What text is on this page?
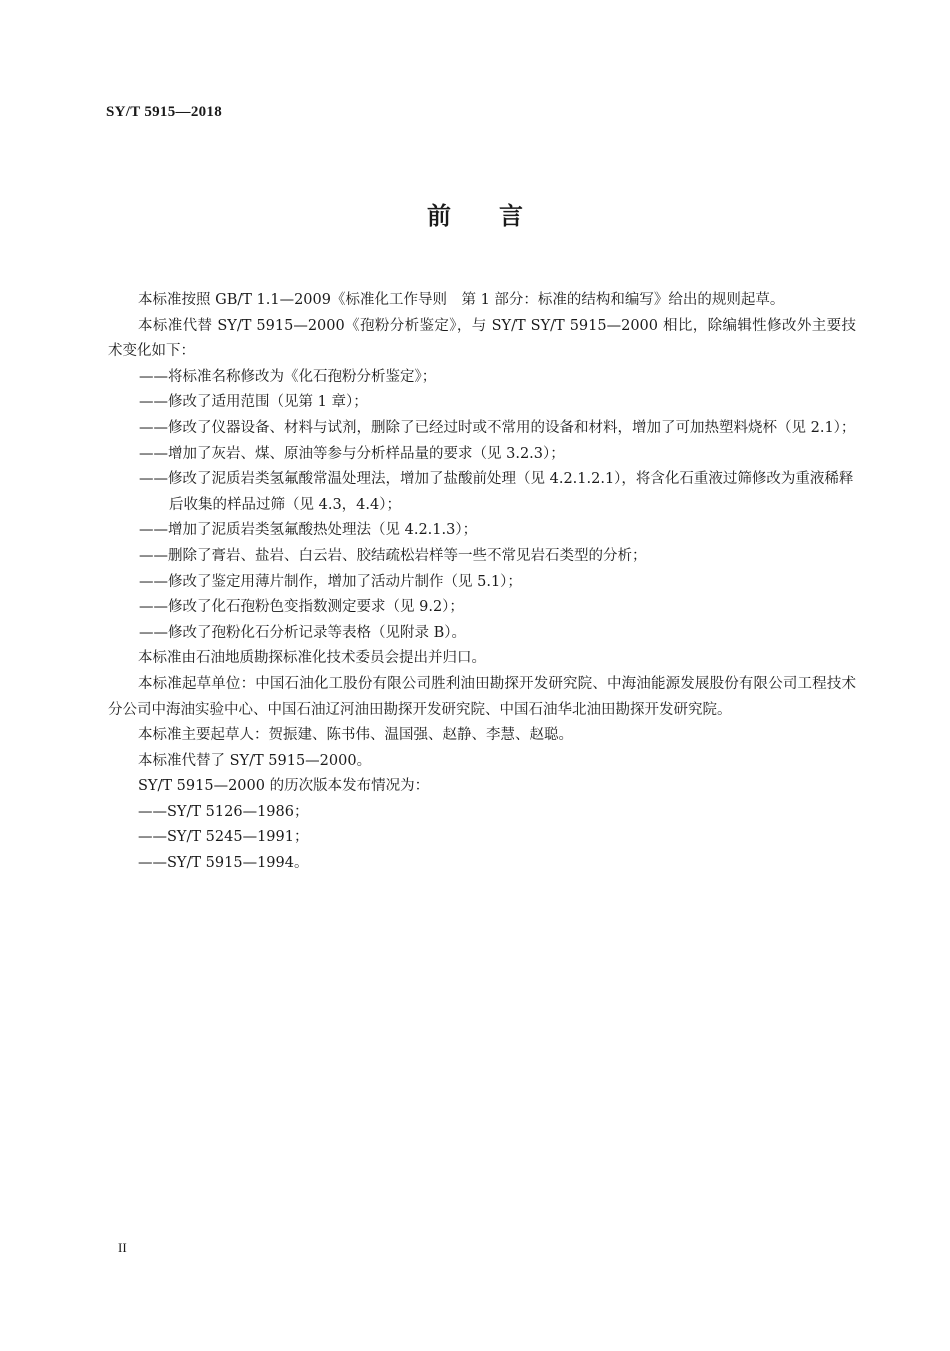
SY/T 5915—2018
前言

本标准按照 GB/T 1.1—2009《标准化工作导则　第 1 部分：标准的结构和编写》给出的规则起草。

本标准代替 SY/T 5915—2000《孢粉分析鉴定》，与 SY/T SY/T 5915—2000 相比，除编辑性修改外主要技术变化如下：

——将标准名称修改为《化石孢粉分析鉴定》；

——修改了适用范围（见第 1 章）；

——修改了仪器设备、材料与试剂，删除了已经过时或不常用的设备和材料，增加了可加热塑料烧杯（见 2.1）；

——增加了灰岩、煤、原油等参与分析样品量的要求（见 3.2.3）；

——修改了泥质岩类氢氟酸常温处理法，增加了盐酸前处理（见 4.2.1.2.1），将含化石重液过筛修改为重液稀释后收集的样品过筛（见 4.3，4.4）；

——增加了泥质岩类氢氟酸热处理法（见 4.2.1.3）；

——删除了膏岩、盐岩、白云岩、胶结疏松岩样等一些不常见岩石类型的分析；

——修改了鉴定用薄片制作，增加了活动片制作（见 5.1）；

——修改了化石孢粉色变指数测定要求（见 9.2）；

——修改了孢粉化石分析记录等表格（见附录 B）。

本标准由石油地质勘探标准化技术委员会提出并归口。

本标准起草单位：中国石油化工股份有限公司胜利油田勘探开发研究院、中海油能源发展股份有限公司工程技术分公司中海油实验中心、中国石油辽河油田勘探开发研究院、中国石油华北油田勘探开发研究院。

本标准主要起草人：贺振建、陈书伟、温国强、赵静、李慧、赵聪。

本标准代替了 SY/T 5915—2000。

SY/T 5915—2000 的历次版本发布情况为：

——SY/T 5126—1986；

——SY/T 5245—1991；

——SY/T 5915—1994。

II
